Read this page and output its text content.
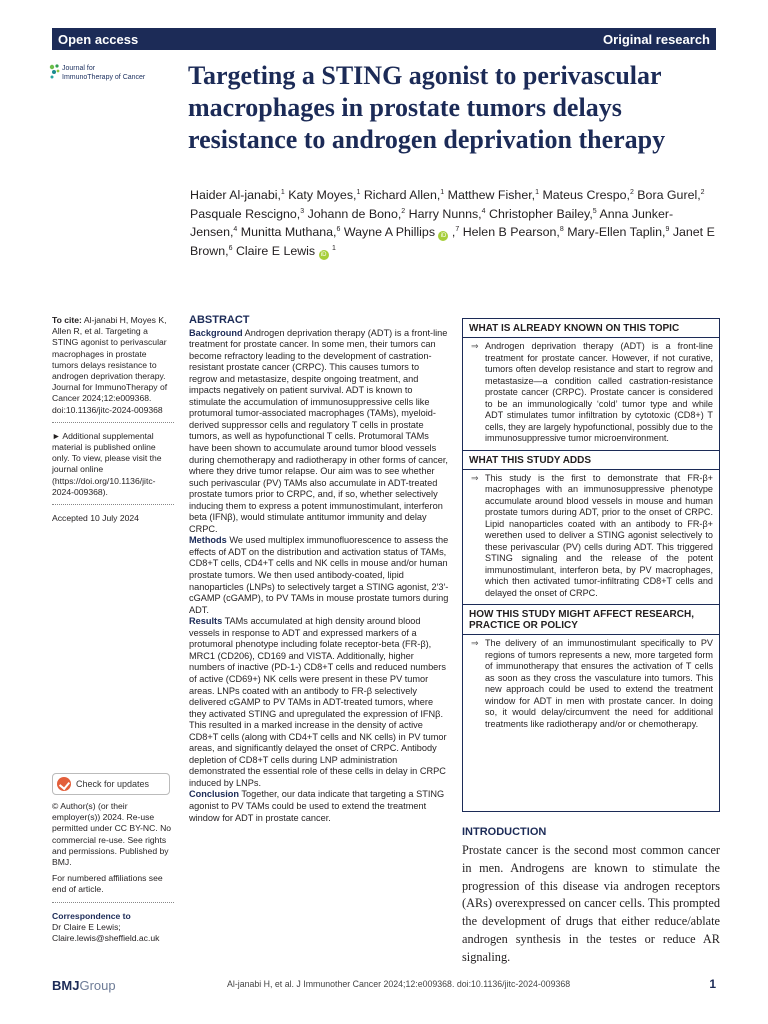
Open access	Original research
Journal for
ImmunoTherapy of Cancer Targeting a STING agonist to perivascular macrophages in prostate tumors delays resistance to androgen deprivation therapy
Haider Al-janabi,$^1$ Katy Moyes,$^1$ Richard Allen,$^1$ Matthew Fisher,$^1$ Mateus Crespo,$^2$ Bora Gurel,$^2$ Pasquale Rescigno,$^3$ Johann de Bono,$^2$ Harry Nunns,$^4$ Christopher Bailey,$^5$ Anna Junker-Jensen,$^4$ Munitta Muthana,$^6$ Wayne A Phillips iD ,$^7$ Helen B Pearson,$^8$ Mary-Ellen Taplin,$^9$ Janet E Brown,$^6$ Claire E Lewis iD $^1$
To cite: Al-janabi H, Moyes K, Allen R, et al. Targeting a STING agonist to perivascular macrophages in prostate tumors delays resistance to androgen deprivation therapy. Journal for ImmunoTherapy of Cancer 2024;12:e009368. doi:10.1136/jitc-2024-009368
► Additional supplemental material is published online only. To view, please visit the journal online (https://doi.org/10.1136/jitc-2024-009368).
Accepted 10 July 2024
Check for updates
© Author(s) (or their employer(s)) 2024. Re-use permitted under CC BY-NC. No commercial re-use. See rights and permissions. Published by BMJ.
For numbered affiliations see end of article.
Correspondence to
Dr Claire E Lewis;
Claire.lewis@sheffield.ac.uk
ABSTRACT
Background Androgen deprivation therapy (ADT) is a front-line treatment for prostate cancer. In some men, their tumors can become refractory leading to the development of castration-resistant prostate cancer (CRPC). This causes tumors to regrow and metastasize, despite ongoing treatment, and impacts negatively on patient survival. ADT is known to stimulate the accumulation of immunosuppressive cells like protumoral tumor-associated macrophages (TAMs), myeloid-derived suppressor cells and regulatory T cells in prostate tumors, as well as hypofunctional T cells. Protumoral TAMs have been shown to accumulate around tumor blood vessels during chemotherapy and radiotherapy in other forms of cancer, where they drive tumor relapse. Our aim was to see whether such perivascular (PV) TAMs also accumulate in ADT-treated prostate tumors prior to CRPC, and, if so, whether selectively inducing them to express a potent immunostimulant, interferon beta (IFNβ), would stimulate antitumor immunity and delay CRPC.
Methods We used multiplex immunofluorescence to assess the effects of ADT on the distribution and activation status of TAMs, CD8+T cells, CD4+T cells and NK cells in mouse and/or human prostate tumors. We then used antibody-coated, lipid nanoparticles (LNPs) to selectively target a STING agonist, 2′3′-cGAMP (cGAMP), to PV TAMs in mouse prostate tumors during ADT.
Results TAMs accumulated at high density around blood vessels in response to ADT and expressed markers of a protumoral phenotype including folate receptor-beta (FR-β), MRC1 (CD206), CD169 and VISTA. Additionally, higher numbers of inactive (PD-1-) CD8+T cells and reduced numbers of active (CD69+) NK cells were present in these PV tumor areas. LNPs coated with an antibody to FR-β selectively delivered cGAMP to PV TAMs in ADT-treated tumors, where they activated STING and upregulated the expression of IFNβ. This resulted in a marked increase in the density of active CD8+T cells (along with CD4+T cells and NK cells) in PV tumor areas, and significantly delayed the onset of CRPC. Antibody depletion of CD8+T cells during LNP administration demonstrated the essential role of these cells in delay in CRPC induced by LNPs.
Conclusion Together, our data indicate that targeting a STING agonist to PV TAMs could be used to extend the treatment window for ADT in prostate cancer.
WHAT IS ALREADY KNOWN ON THIS TOPIC
⇒ Androgen deprivation therapy (ADT) is a front-line treatment for prostate cancer. However, if not curative, tumors often develop resistance and start to regrow and metastasize—a condition called castration-resistance prostate cancer (CRPC). Prostate cancer is considered to be an immunologically ‘cold’ tumor type and while ADT stimulates tumor infiltration by cytotoxic (CD8+) T cells, they are largely hypofunctional, possibly due to the immunosuppressive tumor microenvironment.
WHAT THIS STUDY ADDS
⇒ This study is the first to demonstrate that FR-β+ macrophages with an immunosuppressive phenotype accumulate around blood vessels in mouse and human prostate tumors during ADT, prior to the onset of CRPC. Lipid nanoparticles coated with an antibody to FR-β+ werethen used to deliver a STING agonist selectively to these perivascular (PV) cells during ADT. This triggered STING signaling and the release of the potent immunostimulant, interferon beta, by PV macrophages, which then activated tumor-infiltrating CD8+T cells and delayed the onset of CRPC.
HOW THIS STUDY MIGHT AFFECT RESEARCH, PRACTICE OR POLICY
⇒ The delivery of an immunostimulant specifically to PV regions of tumors represents a new, more targeted form of immunotherapy that ensures the activation of T cells as soon as they cross the vasculature into tumors. This new approach could be used to extend the treatment window for ADT in men with prostate cancer. In doing so, it would delay/circumvent the need for additional treatments like radiotherapy and/or or chemotherapy.
INTRODUCTION

Prostate cancer is the second most common cancer in men. Androgens are known to stimulate the progression of this disease via androgen receptors (ARs) overexpressed on cancer cells. This prompted the development of drugs that either reduce/ablate androgen synthesis in the testes or reduce AR signaling.

BMJGroup	Al-janabi H, et al. J Immunother Cancer 2024;12:e009368. doi:10.1136/jitc-2024-009368	1
